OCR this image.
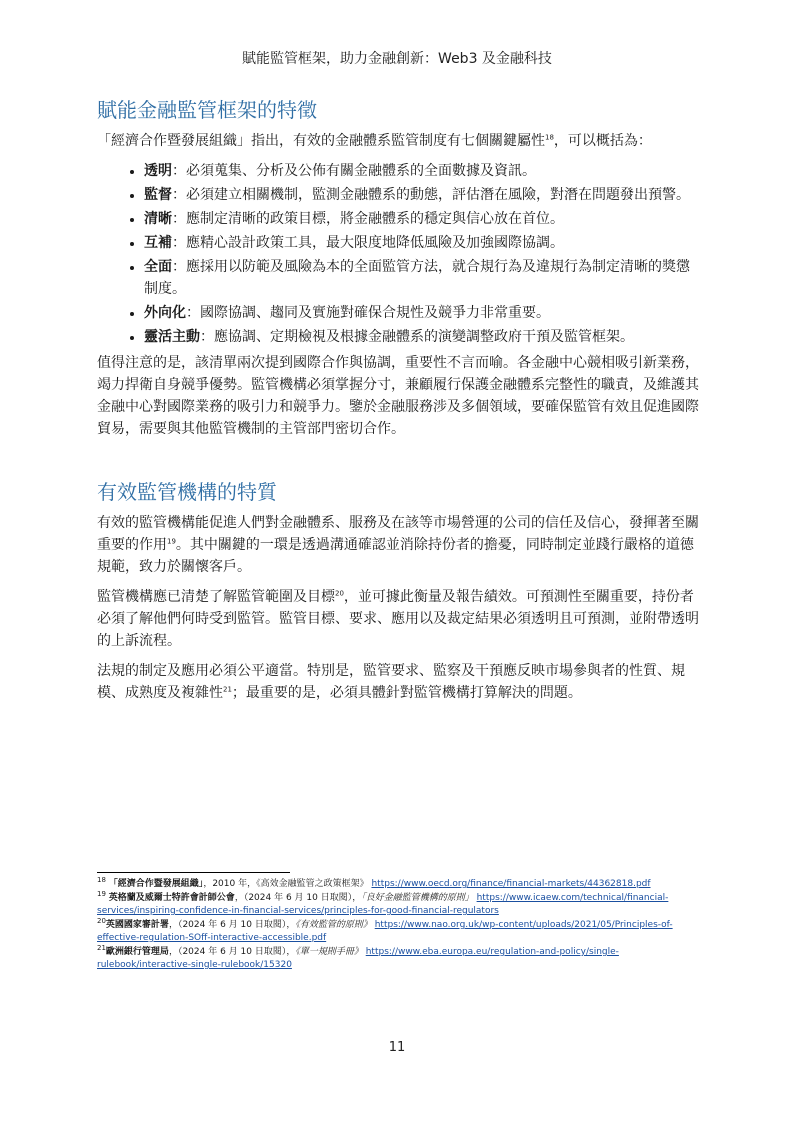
賦能監管框架，助力金融創新：Web3 及金融科技
賦能金融監管框架的特徵

「經濟合作暨發展組織」指出，有效的金融體系監管制度有七個關鍵屬性$^{18}$，可以概括為：

• 透明：必須蒐集、分析及公佈有關金融體系的全面數據及資訊。
• 監督：必須建立相關機制，監測金融體系的動態，評估潛在風險，對潛在問題發出預警。
• 清晰：應制定清晰的政策目標，將金融體系的穩定與信心放在首位。
• 互補：應精心設計政策工具，最大限度地降低風險及加強國際協調。
• 全面：應採用以防範及風險為本的全面監管方法，就合規行為及違規行為制定清晰的獎懲制度。
• 外向化：國際協調、趨同及實施對確保合規性及競爭力非常重要。
• 靈活主動：應協調、定期檢視及根據金融體系的演變調整政府干預及監管框架。

值得注意的是，該清單兩次提到國際合作與協調，重要性不言而喻。各金融中心競相吸引新業務，竭力捍衛自身競爭優勢。監管機構必須掌握分寸，兼顧履行保護金融體系完整性的職責，及維護其金融中心對國際業務的吸引力和競爭力。鑒於金融服務涉及多個領域，要確保監管有效且促進國際貿易，需要與其他監管機制的主管部門密切合作。

有效監管機構的特質

有效的監管機構能促進人們對金融體系、服務及在該等市場營運的公司的信任及信心，發揮著至關重要的作用$^{19}$。其中關鍵的一環是透過溝通確認並消除持份者的擔憂，同時制定並踐行嚴格的道德規範，致力於關懷客戶。

監管機構應已清楚了解監管範圍及目標$^{20}$，並可據此衡量及報告績效。可預測性至關重要，持份者必須了解他們何時受到監管。監管目標、要求、應用以及裁定結果必須透明且可預測，並附帶透明的上訴流程。

法規的制定及應用必須公平適當。特別是，監管要求、監察及干預應反映市場參與者的性質、規模、成熟度及複雜性$^{21}$；最重要的是，必須具體針對監管機構打算解決的問題。

$^{18}$ 「經濟合作暨發展組織」，2010 年，《高效金融監管之政策框架》 https://www.oecd.org/finance/financial-markets/44362818.pdf
$^{19}$ 英格蘭及威爾士特許會計師公會，（2024 年 6 月 10 日取閱），「良好金融監管機構的原則」 https://www.icaew.com/technical/financial-services/inspiring-confidence-in-financial-services/principles-for-good-financial-regulators
$^{20}$英國國家審計署，（2024 年 6 月 10 日取閱），《有效監管的原則》 https://www.nao.org.uk/wp-content/uploads/2021/05/Principles-of-effective-regulation-SOff-interactive-accessible.pdf
$^{21}$歐洲銀行管理局，（2024 年 6 月 10 日取閱），《單一規則手冊》 https://www.eba.europa.eu/regulation-and-policy/single-rulebook/interactive-single-rulebook/15320
11
